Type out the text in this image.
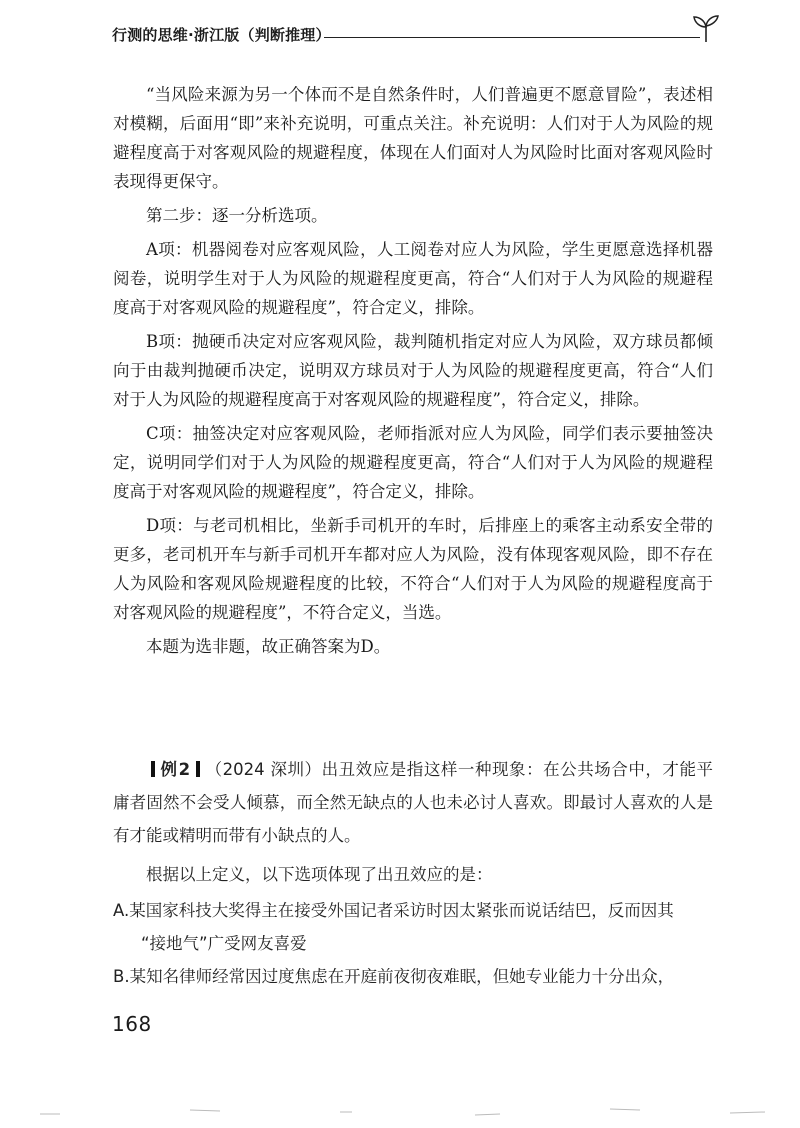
行测的思维·浙江版（判断推理）

“当风险来源为另一个体而不是自然条件时，人们普遍更不愿意冒险”，表述相对模糊，后面用“即”来补充说明，可重点关注。补充说明：人们对于人为风险的规避程度高于对客观风险的规避程度，体现在人们面对人为风险时比面对客观风险时表现得更保守。

第二步：逐一分析选项。

A项：机器阅卷对应客观风险，人工阅卷对应人为风险，学生更愿意选择机器阅卷，说明学生对于人为风险的规避程度更高，符合“人们对于人为风险的规避程度高于对客观风险的规避程度”，符合定义，排除。

B项：抛硬币决定对应客观风险，裁判随机指定对应人为风险，双方球员都倾向于由裁判抛硬币决定，说明双方球员对于人为风险的规避程度更高，符合“人们对于人为风险的规避程度高于对客观风险的规避程度”，符合定义，排除。

C项：抽签决定对应客观风险，老师指派对应人为风险，同学们表示要抽签决定，说明同学们对于人为风险的规避程度更高，符合“人们对于人为风险的规避程度高于对客观风险的规避程度”，符合定义，排除。

D项：与老司机相比，坐新手司机开的车时，后排座上的乘客主动系安全带的更多，老司机开车与新手司机开车都对应人为风险，没有体现客观风险，即不存在人为风险和客观风险规避程度的比较，不符合“人们对于人为风险的规避程度高于对客观风险的规避程度”，不符合定义，当选。

本题为选非题，故正确答案为D。

例2 （2024 深圳）出丑效应是指这样一种现象：在公共场合中，才能平庸者固然不会受人倾慕，而全然无缺点的人也未必讨人喜欢。即最讨人喜欢的人是有才能或精明而带有小缺点的人。

根据以上定义，以下选项体现了出丑效应的是：

A.某国家科技大奖得主在接受外国记者采访时因太紧张而说话结巴，反而因其

“接地气”广受网友喜爱

B.某知名律师经常因过度焦虑在开庭前夜彻夜难眠，但她专业能力十分出众，

168
